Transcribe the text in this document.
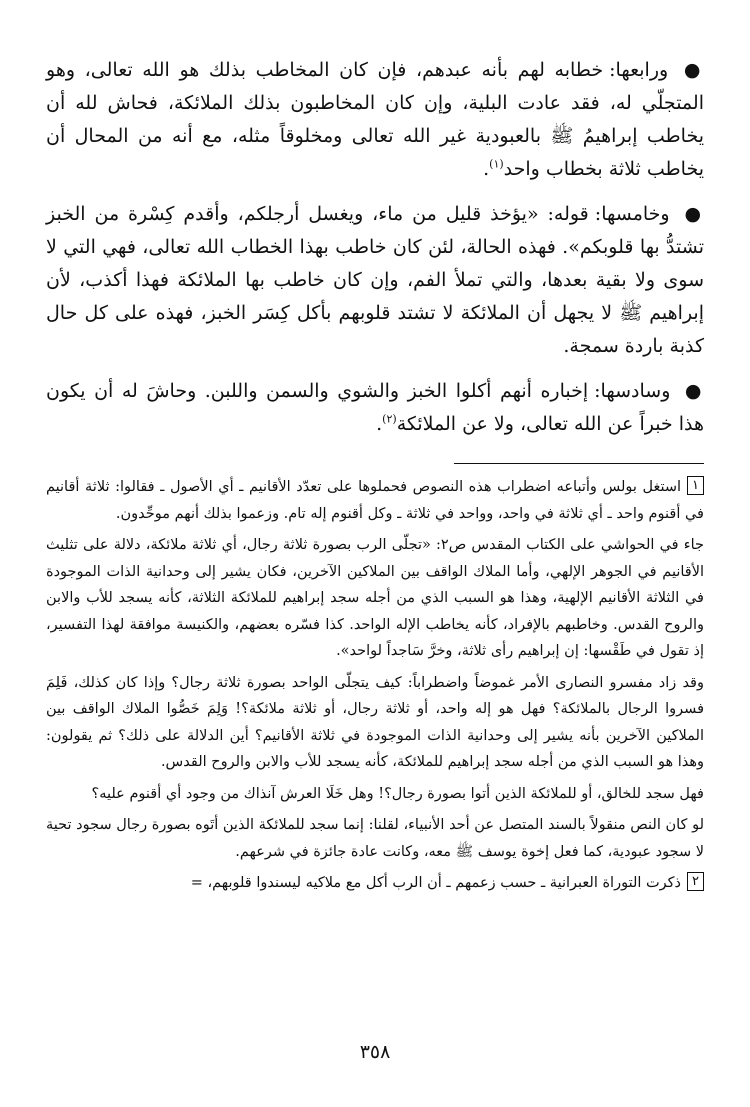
● ورابعها: خطابه لهم بأنه عبدهم، فإن كان المخاطب بذلك هو الله تعالى، وهو المتجلّي له، فقد عادت البلية، وإن كان المخاطبون بذلك الملائكة، فحاش لله أن يخاطب إبراهيمُ ﷺ بالعبودية غير الله تعالى ومخلوقاً مثله، مع أنه من المحال أن يخاطب ثلاثة بخطاب واحد$^{(١)}$.

● وخامسها: قوله: «يؤخذ قليل من ماء، ويغسل أرجلكم، وأقدم كِسْرة من الخبز تشتدُّ بها قلوبكم». فهذه الحالة، لئن كان خاطب بهذا الخطاب الله تعالى، فهي التي لا سوى ولا بقية بعدها، والتي تملأ الفم، وإن كان خاطب بها الملائكة فهذا أكذب، لأن إبراهيم ﷺ لا يجهل أن الملائكة لا تشتد قلوبهم بأكل كِسَر الخبز، فهذه على كل حال كذبة باردة سمجة.

● وسادسها: إخباره أنهم أكلوا الخبز والشوي والسمن واللبن. وحاشَ له أن يكون هذا خبراً عن الله تعالى، ولا عن الملائكة$^{(٢)}$.

١استغل بولس وأتباعه اضطراب هذه النصوص فحملوها على تعدّد الأقانيم ـ أي الأصول ـ فقالوا: ثلاثة أقانيم في أقنوم واحد ـ أي ثلاثة في واحد، وواحد في ثلاثة ـ وكل أقنوم إله تام. وزعموا بذلك أنهم موحِّدون.

جاء في الحواشي على الكتاب المقدس ص٢: «تجلّى الرب بصورة ثلاثة رجال، أي ثلاثة ملائكة، دلالة على تثليث الأقانيم في الجوهر الإلهي، وأما الملاك الواقف بين الملاكين الآخرين، فكان يشير إلى وحدانية الذات الموجودة في الثلاثة الأقانيم الإلهية، وهذا هو السبب الذي من أجله سجد إبراهيم للملائكة الثلاثة، كأنه يسجد للأب والابن والروح القدس. وخاطبهم بالإفراد، كأنه يخاطب الإله الواحد. كذا فسّره بعضهم، والكنيسة موافقة لهذا التفسير، إذ تقول في طَقْسها: إن إبراهيم رأى ثلاثة، وخرَّ سَاجداً لواحد».

وقد زاد مفسرو النصارى الأمر غموضاً واضطراباً: كيف يتجلّى الواحد بصورة ثلاثة رجال؟ وإذا كان كذلك، فَلِمَ فسروا الرجال بالملائكة؟ فهل هو إله واحد، أو ثلاثة رجال، أو ثلاثة ملائكة؟! وَلِمَ خَصُّوا الملاك الواقف بين الملاكين الآخرين بأنه يشير إلى وحدانية الذات الموجودة في ثلاثة الأقانيم؟ أين الدلالة على ذلك؟ ثم يقولون: وهذا هو السبب الذي من أجله سجد إبراهيم للملائكة، كأنه يسجد للأب والابن والروح القدس.

فهل سجد للخالق، أو للملائكة الذين أتوا بصورة رجال؟! وهل خَلَا العرش آنذاك من وجود أي أقنوم عليه؟

لو كان النص منقولاً بالسند المتصل عن أحد الأنبياء، لقلنا: إنما سجد للملائكة الذين أتَوه بصورة رجال سجود تحية لا سجود عبودية، كما فعل إخوة يوسف ﷺ معه، وكانت عادة جائزة في شرعهم.

٢ذكرت التوراة العبرانية ـ حسب زعمهم ـ أن الرب أكل مع ملاكيه ليسندوا قلوبهم، =

٣٥٨
